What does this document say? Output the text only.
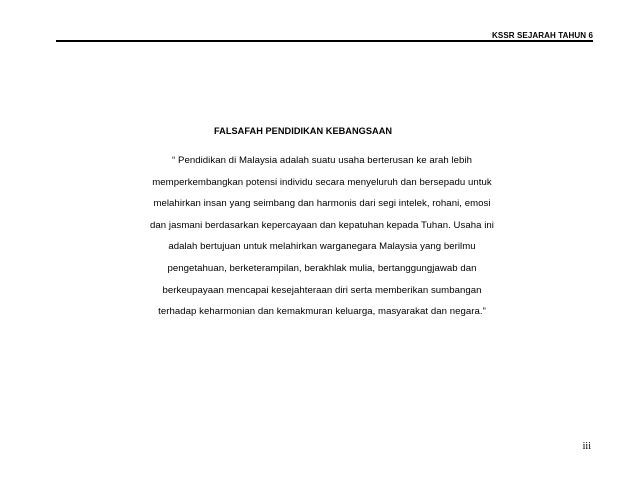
KSSR SEJARAH TAHUN 6
FALSAFAH PENDIDIKAN KEBANGSAAN
“ Pendidikan di Malaysia adalah suatu usaha berterusan ke arah lebih
memperkembangkan potensi individu secara menyeluruh dan bersepadu untuk
melahirkan insan yang seimbang dan harmonis dari segi intelek, rohani, emosi
dan jasmani berdasarkan kepercayaan dan kepatuhan kepada Tuhan. Usaha ini
adalah bertujuan untuk melahirkan warganegara Malaysia yang berilmu
pengetahuan, berketerampilan, berakhlak mulia, bertanggungjawab dan
berkeupayaan mencapai kesejahteraan diri serta memberikan sumbangan
terhadap keharmonian dan kemakmuran keluarga, masyarakat dan negara.”
iii
